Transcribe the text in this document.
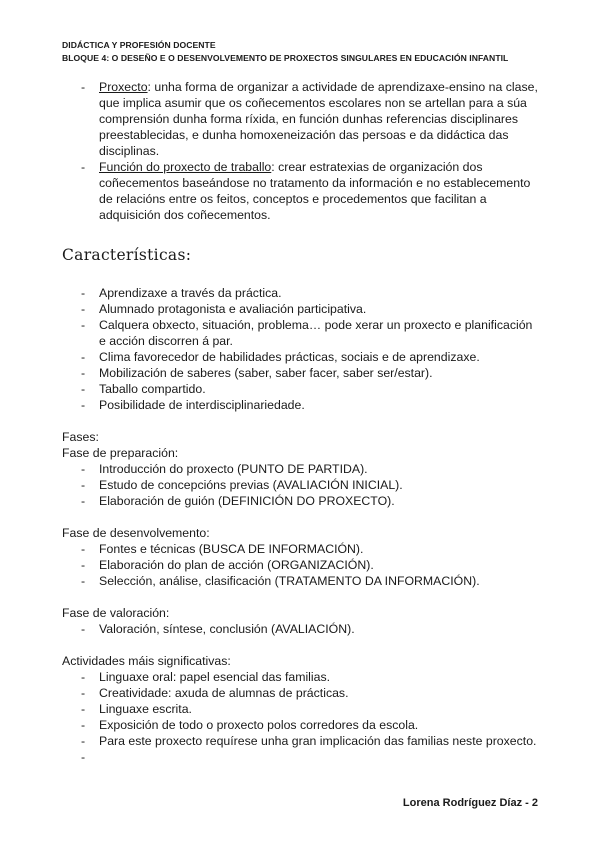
DIDÁCTICA Y PROFESIÓN DOCENTE
BLOQUE 4: O DESEÑO E O DESENVOLVEMENTO DE PROXECTOS SINGULARES EN EDUCACIÓN INFANTIL
- Proxecto: unha forma de organizar a actividade de aprendizaxe-ensino na clase, que implica asumir que os coñecementos escolares non se artellan para a súa comprensión dunha forma ríxida, en función dunhas referencias disciplinares preestablecidas, e dunha homoxeneización das persoas e da didáctica das disciplinas.
- Función do proxecto de traballo: crear estratexias de organización dos coñecementos baseándose no tratamento da información e no establecemento de relacións entre os feitos, conceptos e procedementos que facilitan a adquisición dos coñecementos.
Características:
- Aprendizaxe a través da práctica.
- Alumnado protagonista e avaliación participativa.
- Calquera obxecto, situación, problema… pode xerar un proxecto e planificación e acción discorren á par.
- Clima favorecedor de habilidades prácticas, sociais e de aprendizaxe.
- Mobilización de saberes (saber, saber facer, saber ser/estar).
- Taballo compartido.
- Posibilidade de interdisciplinariedade.

Fases:

Fase de preparación:

- Introducción do proxecto (PUNTO DE PARTIDA).
- Estudo de concepcións previas (AVALIACIÓN INICIAL).
- Elaboración de guión (DEFINICIÓN DO PROXECTO).

Fase de desenvolvemento:

- Fontes e técnicas (BUSCA DE INFORMACIÓN).
- Elaboración do plan de acción (ORGANIZACIÓN).
- Selección, análise, clasificación (TRATAMENTO DA INFORMACIÓN).

Fase de valoración:

- Valoración, síntese, conclusión (AVALIACIÓN).

Actividades máis significativas:

- Linguaxe oral: papel esencial das familias.
- Creatividade: axuda de alumnas de prácticas.
- Linguaxe escrita.
- Exposición de todo o proxecto polos corredores da escola.
- Para este proxecto requírese unha gran implicación das familias neste proxecto.
-
Lorena Rodríguez Díaz - 2
